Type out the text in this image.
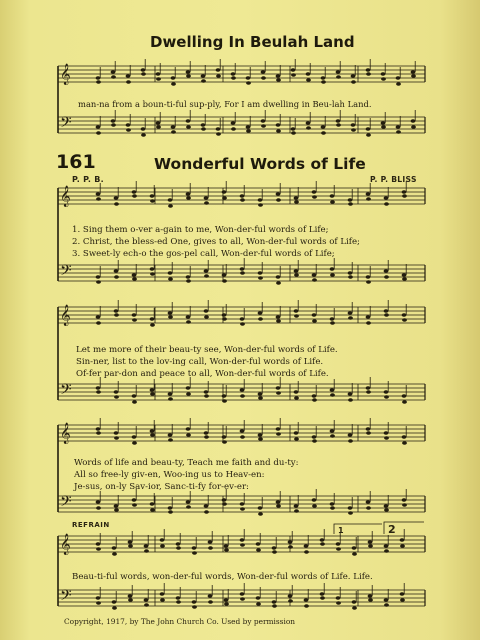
𝄞
𝄢
𝄞
𝄢
𝄞
𝄢
𝄞
𝄢
𝄞
𝄢
Dwelling In Beulah Land
man-na from a boun-ti-ful sup-ply, For I am dwelling in Beu-lah Land.
161	Wonderful Words of Life
P. P. B.	P. P. BLISS
1. Sing them o-ver a-gain to me, Won-der-ful words of Life;
2. Christ, the bless-ed One, gives to all, Won-der-ful words of Life;
3. Sweet-ly ech-o the gos-pel call, Won-der-ful words of Life;
Let me more of their beau-ty see, Won-der-ful words of Life.
Sin-ner, list to the lov-ing call, Won-der-ful words of Life.
Of-fer par-don and peace to all, Won-der-ful words of Life.
Words of life and beau-ty, Teach me faith and du-ty:
All so free-ly giv-en, Woo-ing us to Heav-en:
Je-sus, on-ly Sav-ior, Sanc-ti-fy for-ev-er:
REFRAIN
Beau-ti-ful words, won-der-ful words, Won-der-ful words of Life. Life.
1	2
Copyright, 1917, by The John Church Co. Used by permission
